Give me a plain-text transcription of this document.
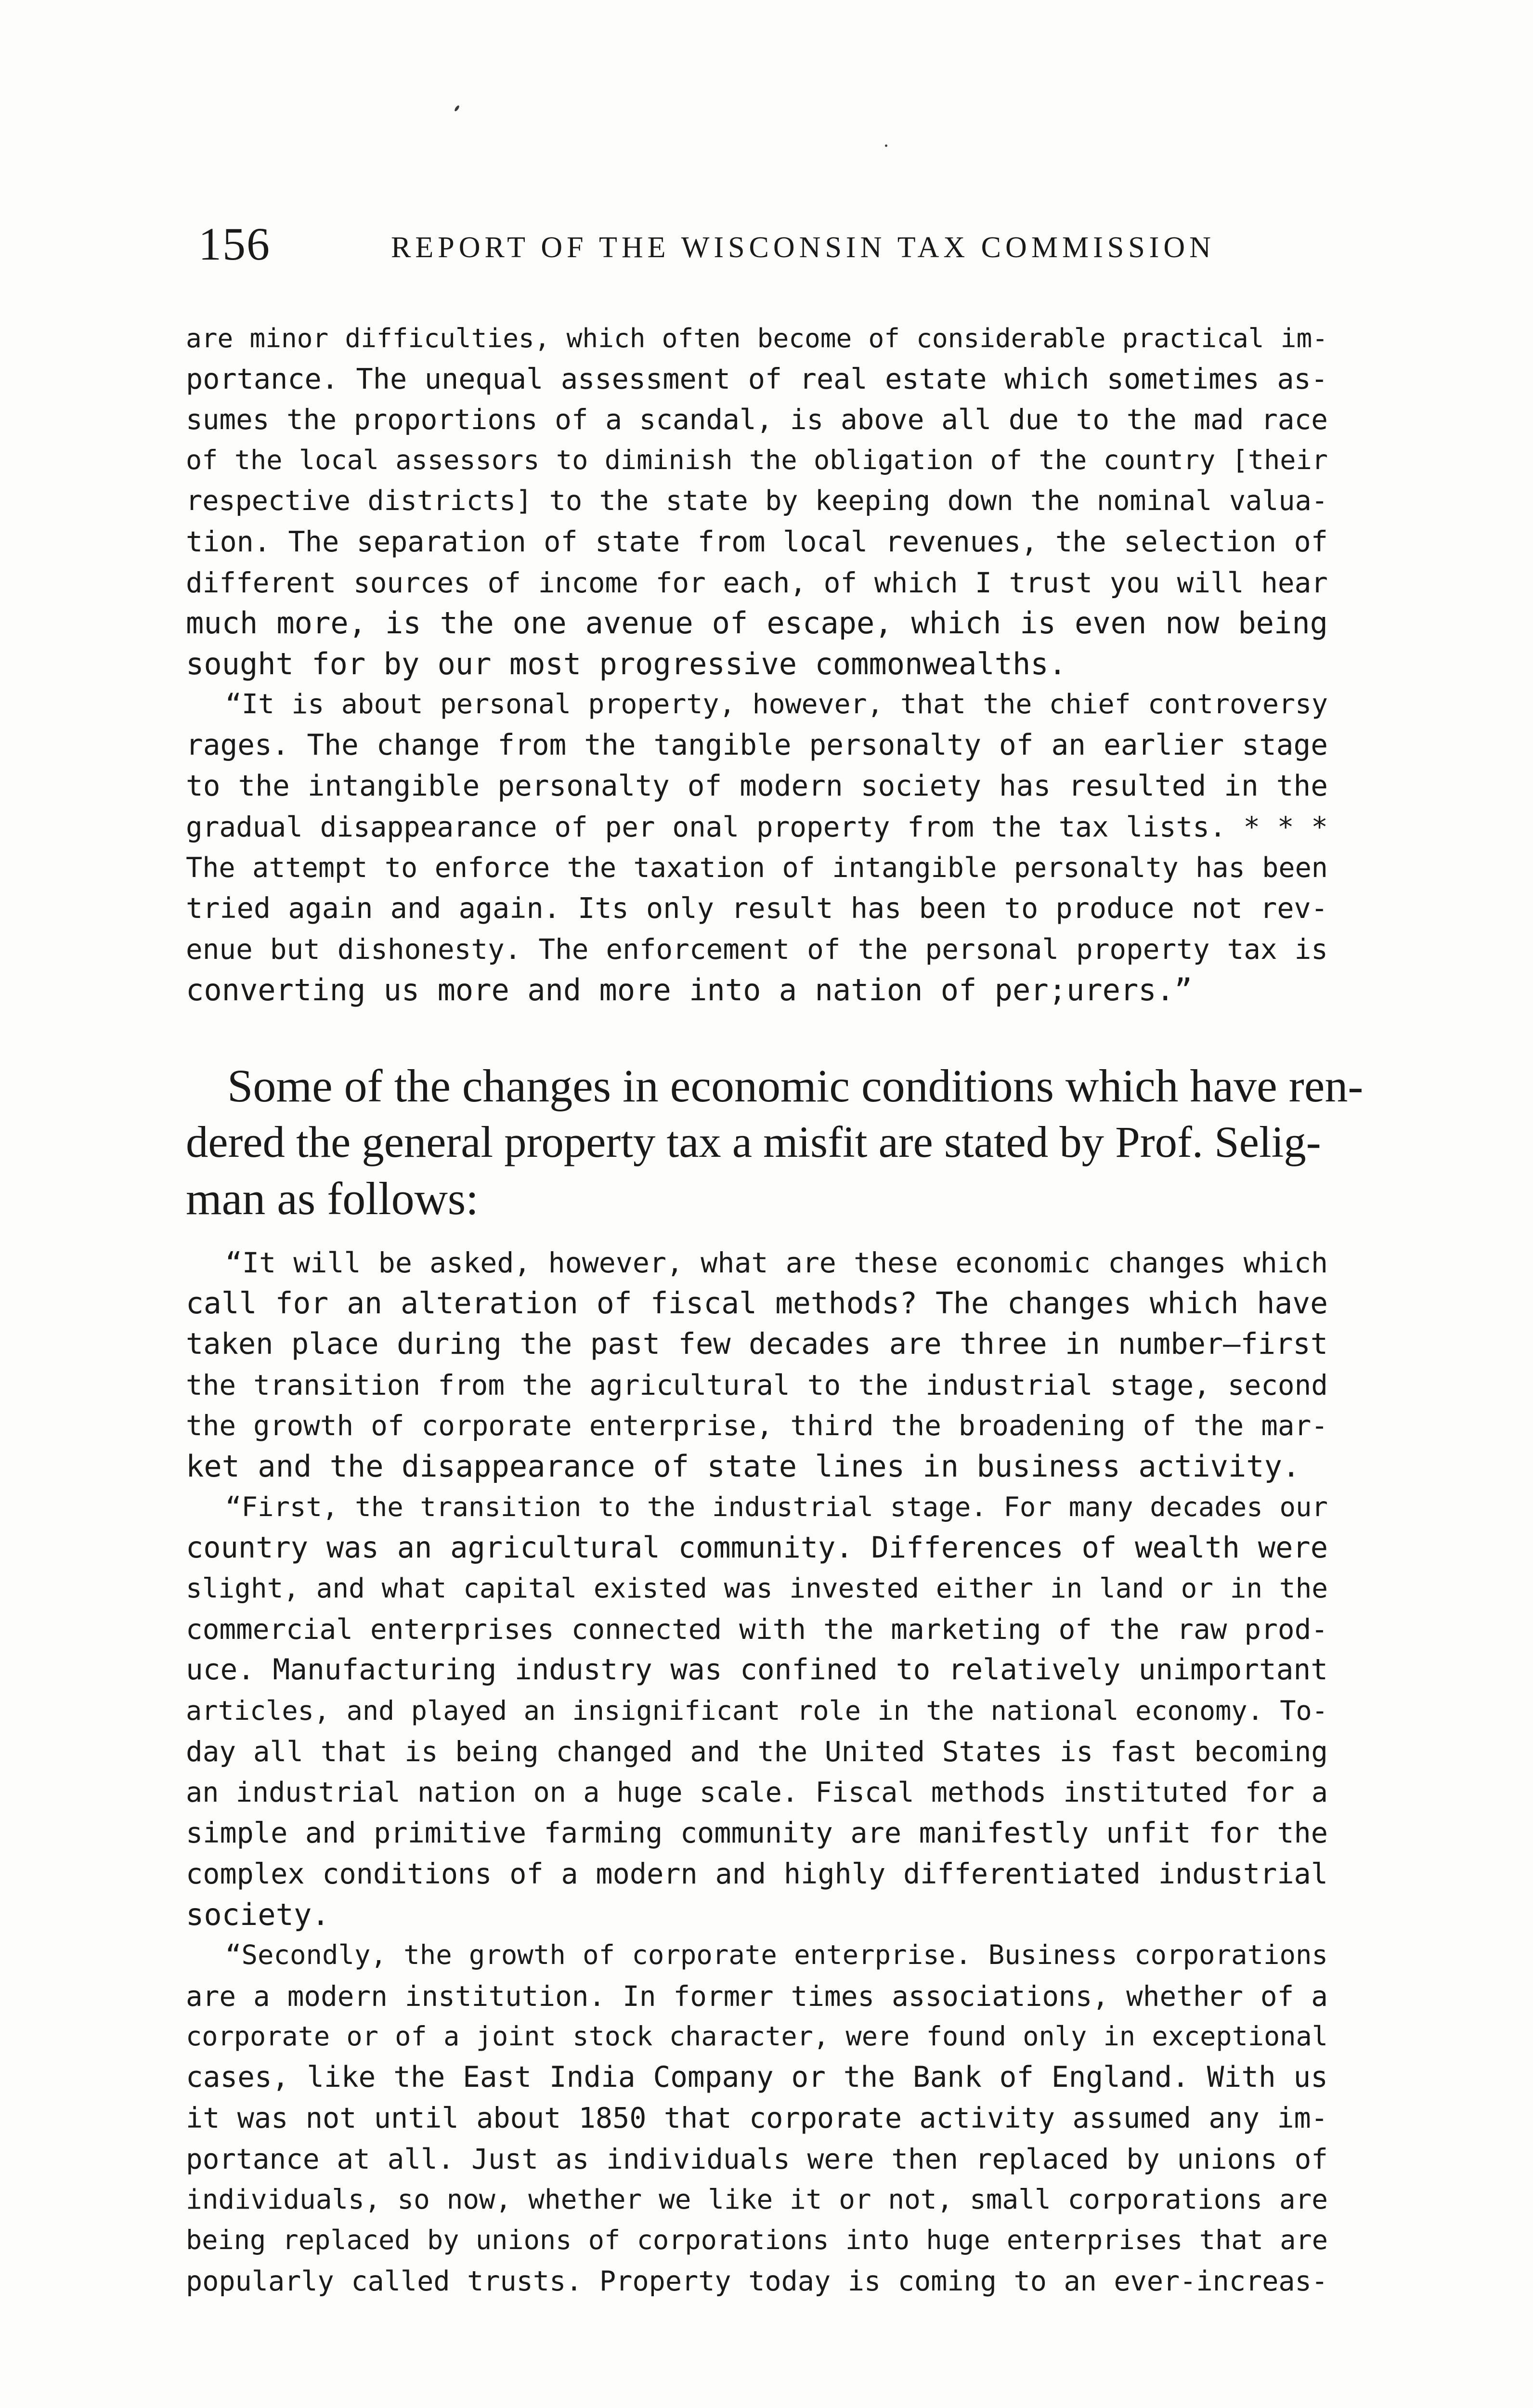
156	REPORT OF THE WISCONSIN TAX COMMISSION
are minor difficulties, which often become of considerable practical im-
portance. The unequal assessment of real estate which sometimes as-
sumes the proportions of a scandal, is above all due to the mad race
of the local assessors to diminish the obligation of the country [their
respective districts] to the state by keeping down the nominal valua-
tion. The separation of state from local revenues, the selection of
different sources of income for each, of which I trust you will hear
much more, is the one avenue of escape, which is even now being
sought for by our most progressive commonwealths.
“It is about personal property, however, that the chief controversy
rages. The change from the tangible personalty of an earlier stage
to the intangible personalty of modern society has resulted in the
gradual disappearance of per onal property from the tax lists. * * *
The attempt to enforce the taxation of intangible personalty has been
tried again and again. Its only result has been to produce not rev-
enue but dishonesty. The enforcement of the personal property tax is
converting us more and more into a nation of per;urers.”
Some of the changes in economic conditions which have ren-
dered the general property tax a misfit are stated by Prof. Selig-
man as follows:
“It will be asked, however, what are these economic changes which
call for an alteration of fiscal methods? The changes which have
taken place during the past few decades are three in number—first
the transition from the agricultural to the industrial stage, second
the growth of corporate enterprise, third the broadening of the mar-
ket and the disappearance of state lines in business activity.
“First, the transition to the industrial stage. For many decades our
country was an agricultural community. Differences of wealth were
slight, and what capital existed was invested either in land or in the
commercial enterprises connected with the marketing of the raw prod-
uce. Manufacturing industry was confined to relatively unimportant
articles, and played an insignificant role in the national economy. To-
day all that is being changed and the United States is fast becoming
an industrial nation on a huge scale. Fiscal methods instituted for a
simple and primitive farming community are manifestly unfit for the
complex conditions of a modern and highly differentiated industrial
society.
“Secondly, the growth of corporate enterprise. Business corporations
are a modern institution. In former times associations, whether of a
corporate or of a joint stock character, were found only in exceptional
cases, like the East India Company or the Bank of England. With us
it was not until about 1850 that corporate activity assumed any im-
portance at all. Just as individuals were then replaced by unions of
individuals, so now, whether we like it or not, small corporations are
being replaced by unions of corporations into huge enterprises that are
popularly called trusts. Property today is coming to an ever-increas-
